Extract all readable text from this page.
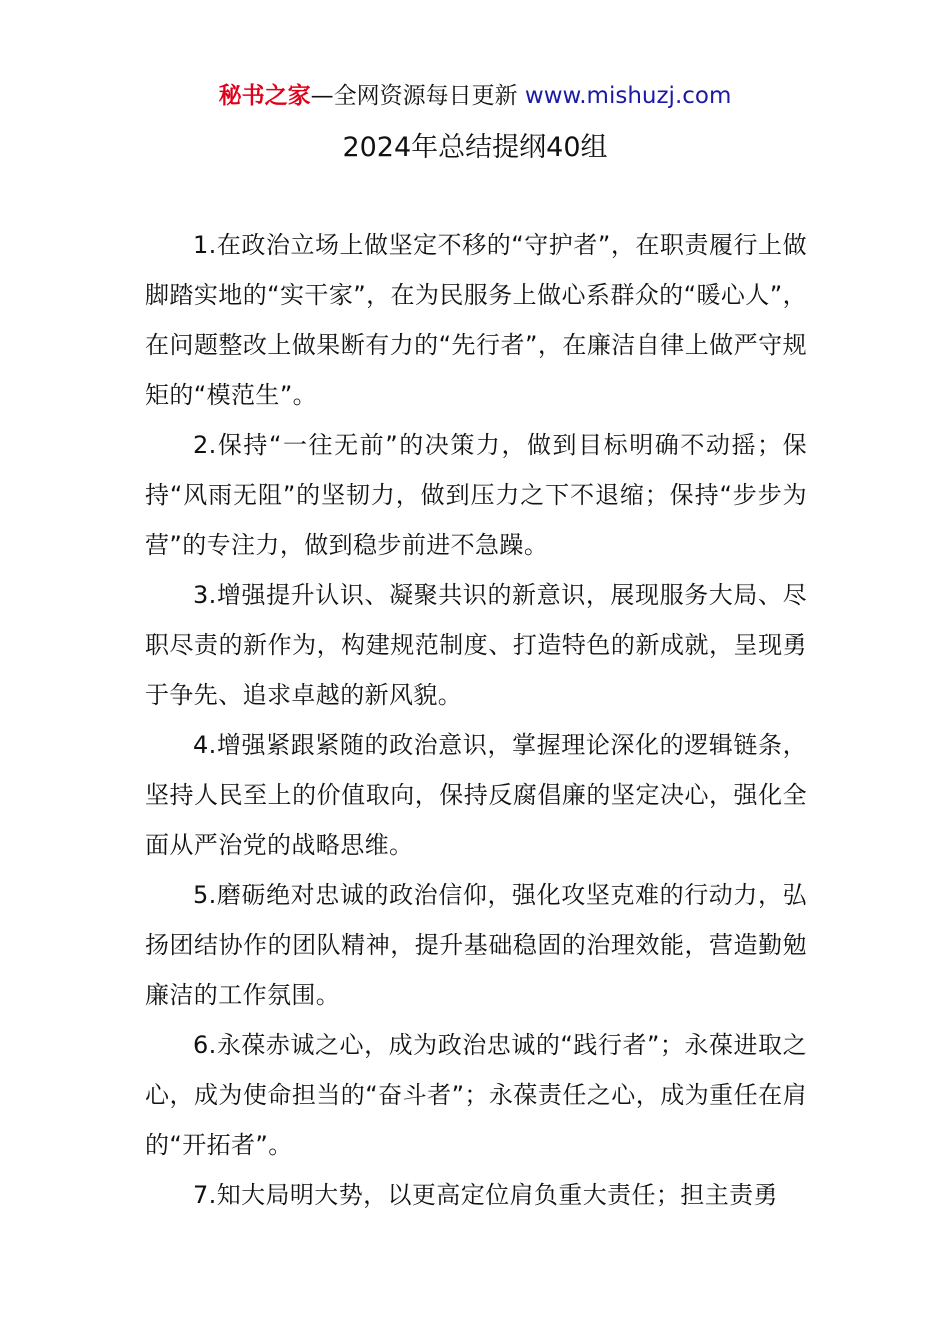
秘书之家—全网资源每日更新 www.mishuzj.com
2024年总结提纲40组

1.在政治立场上做坚定不移的“守护者”，在职责履行上做脚踏实地的“实干家”，在为民服务上做心系群众的“暖心人”，在问题整改上做果断有力的“先行者”，在廉洁自律上做严守规矩的“模范生”。

2.保持“一往无前”的决策力，做到目标明确不动摇；保持“风雨无阻”的坚韧力，做到压力之下不退缩；保持“步步为营”的专注力，做到稳步前进不急躁。

3.增强提升认识、凝聚共识的新意识，展现服务大局、尽职尽责的新作为，构建规范制度、打造特色的新成就，呈现勇于争先、追求卓越的新风貌。

4.增强紧跟紧随的政治意识，掌握理论深化的逻辑链条，坚持人民至上的价值取向，保持反腐倡廉的坚定决心，强化全面从严治党的战略思维。

5.磨砺绝对忠诚的政治信仰，强化攻坚克难的行动力，弘扬团结协作的团队精神，提升基础稳固的治理效能，营造勤勉廉洁的工作氛围。

6.永葆赤诚之心，成为政治忠诚的“践行者”；永葆进取之心，成为使命担当的“奋斗者”；永葆责任之心，成为重任在肩的“开拓者”。

7.知大局明大势，以更高定位肩负重大责任；担主责勇
